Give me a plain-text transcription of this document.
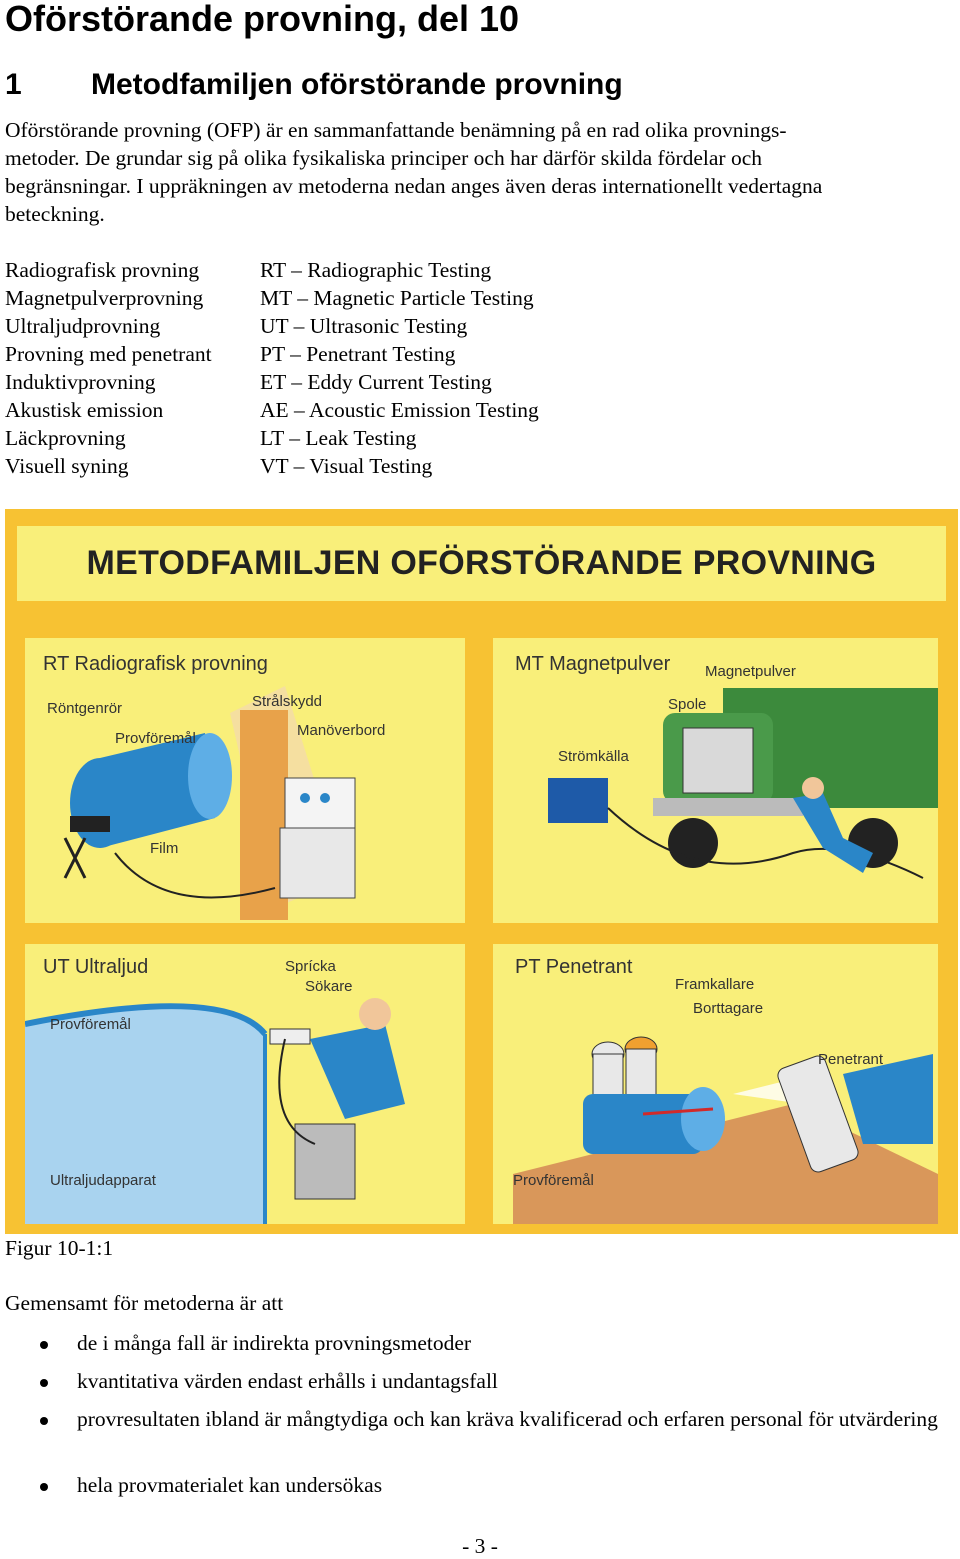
Oförstörande provning, del 10
1 Metodfamiljen oförstörande provning
Oförstörande provning (OFP) är en sammanfattande benämning på en rad olika provnings-
metoder. De grundar sig på olika fysikaliska principer och har därför skilda fördelar och
begränsningar. I uppräkningen av metoderna nedan anges även deras internationellt vedertagna
beteckning.
Radiografisk provning	RT – Radiographic Testing
Magnetpulverprovning	MT – Magnetic Particle Testing
Ultraljudprovning	UT – Ultrasonic Testing
Provning med penetrant PT – Penetrant Testing
Induktivprovning	ET – Eddy Current Testing
Akustisk emission	AE – Acoustic Emission Testing
Läckprovning	LT – Leak Testing
Visuell syning	VT – Visual Testing
METODFAMILJEN OFÖRSTÖRANDE PROVNING
RT Radiografisk provning
Röntgenrör
Provföremål
Film
Strålskydd
Manöverbord
MT Magnetpulver Magnetpulver
Spole
Strömkälla
UT Ultraljud	Sprícka
Sökare
Provföremål
Ultraljudapparat
PT Penetrant
Framkallare
Borttagare
Penetrant
Provföremål
Figur 10-1:1
Gemensamt för metoderna är att
de i många fall är indirekta provningsmetoder
kvantitativa värden endast erhålls i undantagsfall
provresultaten ibland är mångtydiga och kan kräva kvalificerad och erfaren personal för utvärdering
hela provmaterialet kan undersökas
- 3 -
